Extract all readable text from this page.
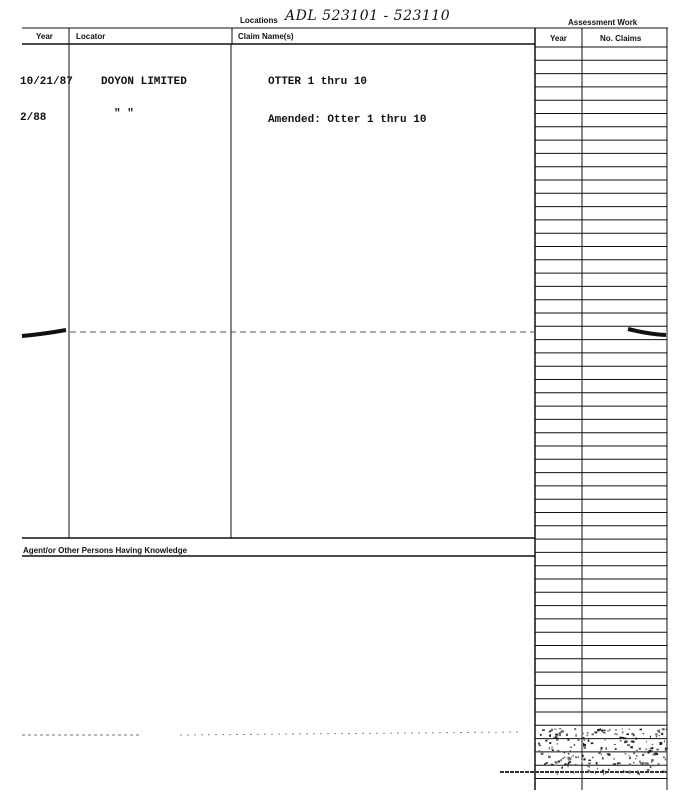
Locations ADL 523101 - 523110	Assessment Work
Year	Locator	Claim Name(s)	Year	No. Claims
10/21/87	DOYON LIMITED	OTTER 1 thru 10
2/88	" "	Amended: Otter 1 thru 10
Agent/or Other Persons Having Knowledge
